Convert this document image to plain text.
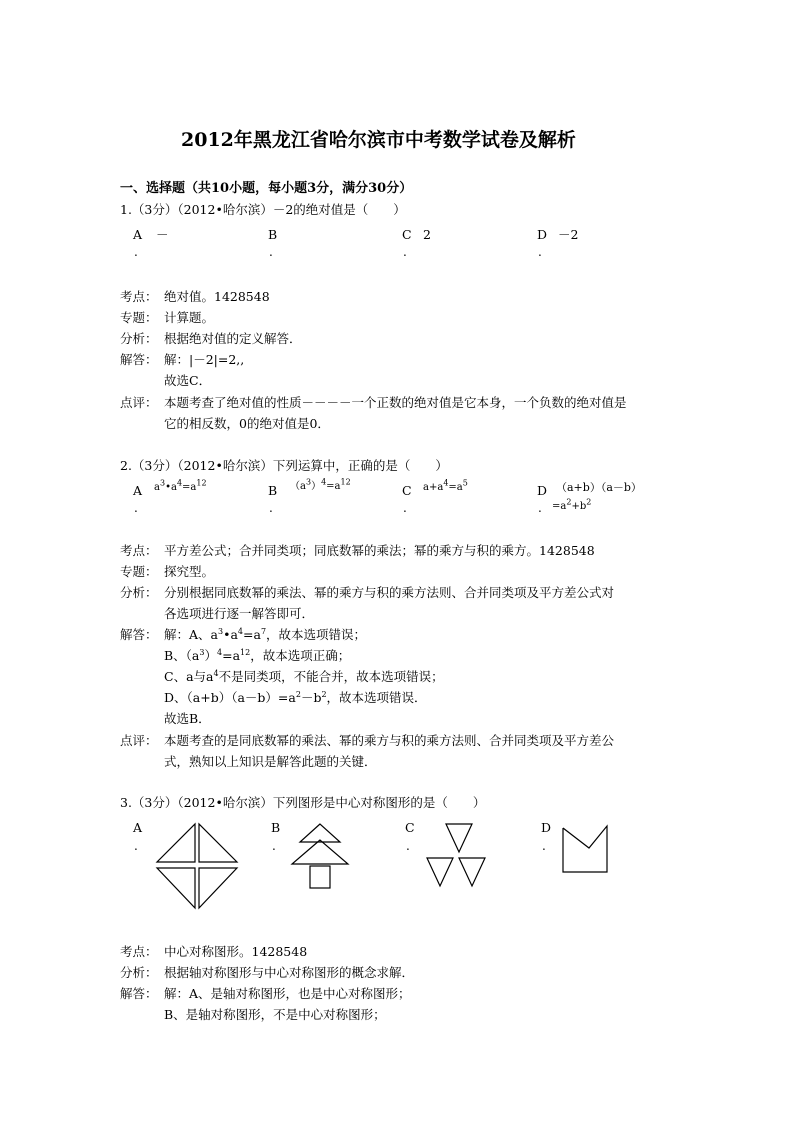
2012年黑龙江省哈尔滨市中考数学试卷及解析
一、选择题（共10小题，每小题3分，满分30分）
1.（3分）（2012•哈尔滨）－2的绝对值是（　　）
A －
.
B
.
C 2
.
D －2
.
考点： 绝对值。1428548
专题： 计算题。
分析： 根据绝对值的定义解答．
解答： 解：|－2|=2,,
故选C．
点评： 本题考查了绝对值的性质－－－－一个正数的绝对值是它本身，一个负数的绝对值是
它的相反数，0的绝对值是0．
2.（3分）（2012•哈尔滨）下列运算中，正确的是（　　）
A $a^3•a^4=a^{12}$
.
B $(a^3)^4=a^{12}$
.
C $a+a^4=a^5$
.
D （a+b）（a－b）
$=a^2+b^2$
.
考点： 平方差公式；合并同类项；同底数幂的乘法；幂的乘方与积的乘方。1428548
专题： 探究型。
分析： 分别根据同底数幂的乘法、幂的乘方与积的乘方法则、合并同类项及平方差公式对
各选项进行逐一解答即可．
解答： 解：A、$a^3•a^4=a^7$，故本选项错误；
B、$(a^3)^4=a^{12}$，故本选项正确；
C、a与$a^4$不是同类项，不能合并，故本选项错误；
D、$(a+b)(a-b)=a^2-b^2$，故本选项错误．
故选B．
点评： 本题考查的是同底数幂的乘法、幂的乘方与积的乘方法则、合并同类项及平方差公
式，熟知以上知识是解答此题的关键．
3.（3分）（2012•哈尔滨）下列图形是中心对称图形的是（　　）
A
.
B
.
C
.
D
.
考点： 中心对称图形。1428548
分析： 根据轴对称图形与中心对称图形的概念求解．
解答： 解：A、是轴对称图形，也是中心对称图形；
B、是轴对称图形，不是中心对称图形；
